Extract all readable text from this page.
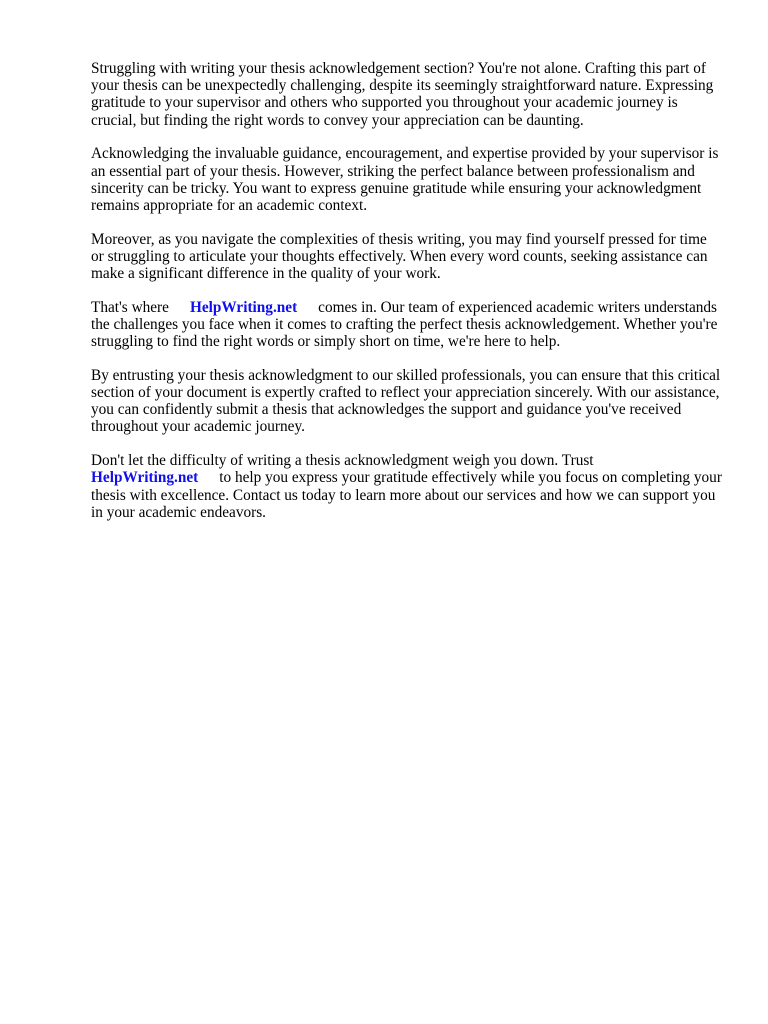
Struggling with writing your thesis acknowledgement section? You're not alone. Crafting this part of your thesis can be unexpectedly challenging, despite its seemingly straightforward nature. Expressing gratitude to your supervisor and others who supported you throughout your academic journey is crucial, but finding the right words to convey your appreciation can be daunting.

Acknowledging the invaluable guidance, encouragement, and expertise provided by your supervisor is an essential part of your thesis. However, striking the perfect balance between professionalism and sincerity can be tricky. You want to express genuine gratitude while ensuring your acknowledgment remains appropriate for an academic context.

Moreover, as you navigate the complexities of thesis writing, you may find yourself pressed for time or struggling to articulate your thoughts effectively. When every word counts, seeking assistance can make a significant difference in the quality of your work.

That's where HelpWriting.net comes in. Our team of experienced academic writers understands the challenges you face when it comes to crafting the perfect thesis acknowledgement. Whether you're struggling to find the right words or simply short on time, we're here to help.

By entrusting your thesis acknowledgment to our skilled professionals, you can ensure that this critical section of your document is expertly crafted to reflect your appreciation sincerely. With our assistance, you can confidently submit a thesis that acknowledges the support and guidance you've received throughout your academic journey.

Don't let the difficulty of writing a thesis acknowledgment weigh you down. Trust
HelpWriting.net to help you express your gratitude effectively while you focus on completing your thesis with excellence. Contact us today to learn more about our services and how we can support you in your academic endeavors.
